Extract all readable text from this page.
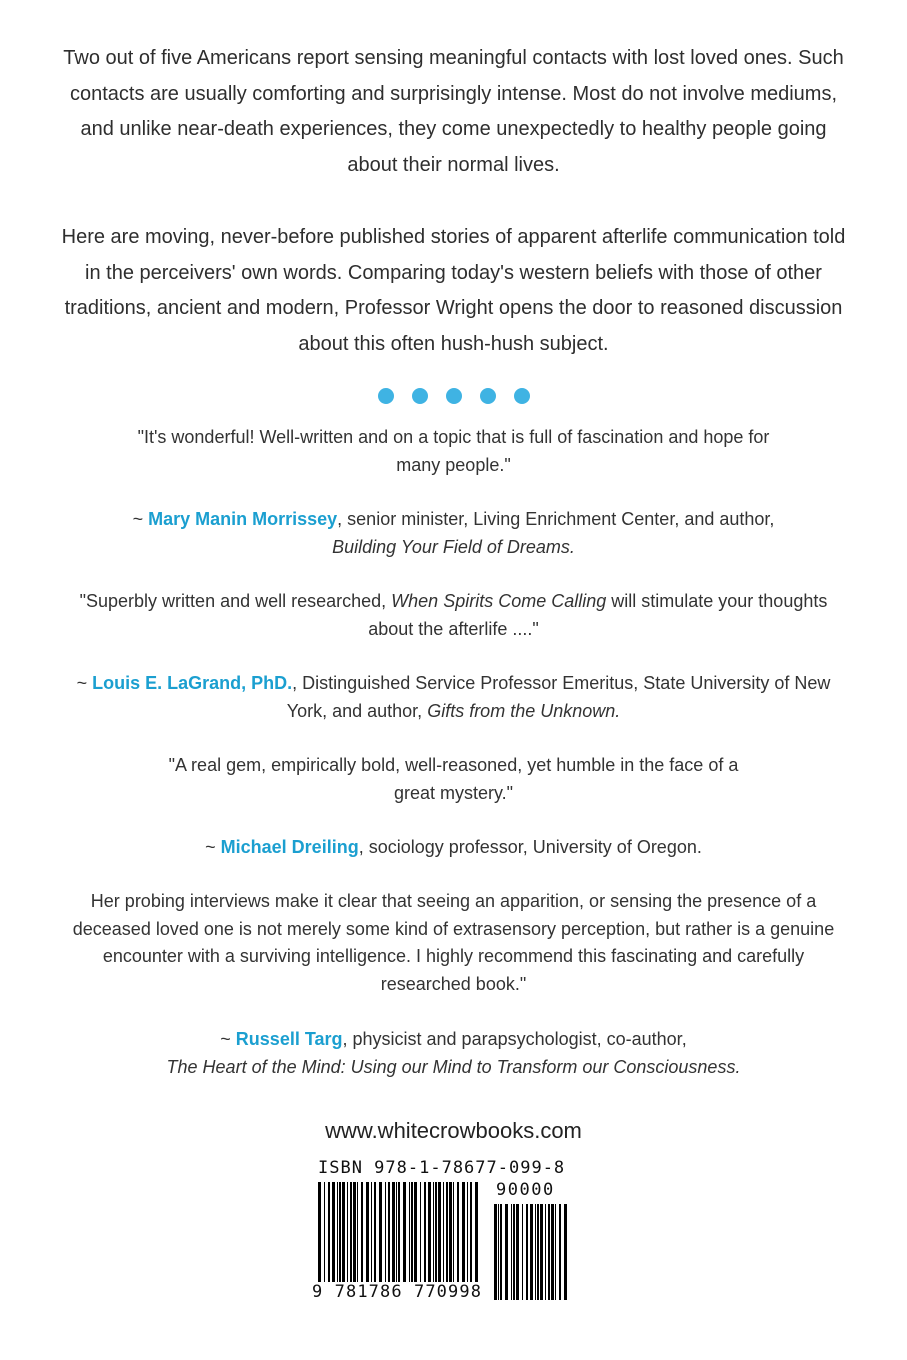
Two out of five Americans report sensing meaningful contacts with lost loved ones. Such contacts are usually comforting and surprisingly intense. Most do not involve mediums, and unlike near-death experiences, they come unexpectedly to healthy people going about their normal lives.

Here are moving, never-before published stories of apparent afterlife communication told in the perceivers' own words. Comparing today's western beliefs with those of other traditions, ancient and modern, Professor Wright opens the door to reasoned discussion about this often hush-hush subject.

"It's wonderful! Well-written and on a topic that is full of fascination and hope for many people."

~ Mary Manin Morrissey, senior minister, Living Enrichment Center, and author,
Building Your Field of Dreams.

"Superbly written and well researched, When Spirits Come Calling will stimulate your thoughts about the afterlife ...."

~ Louis E. LaGrand, PhD., Distinguished Service Professor Emeritus, State University of New York, and author, Gifts from the Unknown.

"A real gem, empirically bold, well-reasoned, yet humble in the face of a great mystery."

~ Michael Dreiling, sociology professor, University of Oregon.

Her probing interviews make it clear that seeing an apparition, or sensing the presence of a deceased loved one is not merely some kind of extrasensory perception, but rather is a genuine encounter with a surviving intelligence. I highly recommend this fascinating and carefully researched book."

~ Russell Targ, physicist and parapsychologist, co-author,
The Heart of the Mind: Using our Mind to Transform our Consciousness.

www.whitecrowbooks.com
ISBN 978-1-78677-099-8
90000
9 781786 770998
